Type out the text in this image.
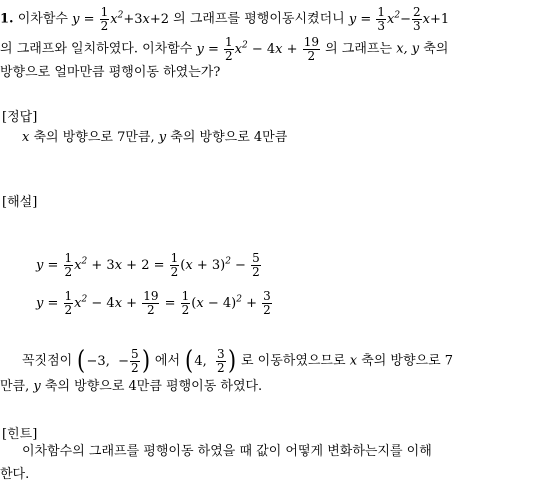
1. 이차함수 $y = \frac{1}{2} x^2+3x+2$ 의 그래프를 평행이동시켰더니 $y = \frac{1}{3} x^2- \frac{2}{3} x+1$
의 그래프와 일치하였다. 이차함수 $y = \frac{1}{2} x^2 - 4x + \frac{19}{2}$ 의 그래프는 x, y 축의
방향으로 얼마만큼 평행이동 하였는가?
[정답]
x 축의 방향으로 7만큼, y 축의 방향으로 4만큼
[해설]
$y = \frac{1}{2} x^2 + 3x + 2 = \frac{1}{2} (x + 3)^2 - \frac{5}{2}$
$y = \frac{1}{2} x^2 - 4x + \frac{19}{2} = \frac{1}{2} (x - 4)^2 + \frac{3}{2}$
꼭짓점이 (−3,  − $\frac{5}{2}$ ) 에서 (4, $\frac{3}{2}$ ) 로 이동하였으므로 x 축의 방향으로 7
만큼, y 축의 방향으로 4만큼 평행이동 하였다.
[힌트]
이차함수의 그래프를 평행이동 하였을 때 값이 어떻게 변화하는지를 이해
한다.
